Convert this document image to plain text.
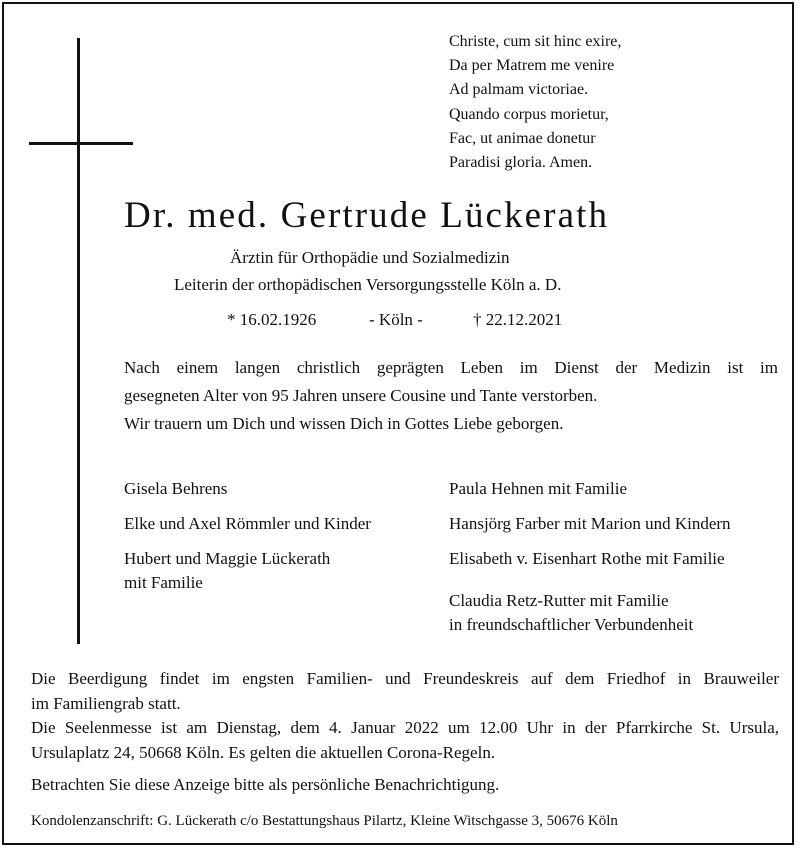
Christe, cum sit hinc exire,
Da per Matrem me venire
Ad palmam victoriae.
Quando corpus morietur,
Fac, ut animae donetur
Paradisi gloria. Amen.
Dr. med. Gertrude Lückerath
Ärztin für Orthopädie und Sozialmedizin
Leiterin der orthopädischen Versorgungsstelle Köln a. D.
* 16.02.1926	- Köln -	† 22.12.2021
Nach einem langen christlich geprägten Leben im Dienst der Medizin ist im
gesegneten Alter von 95 Jahren unsere Cousine und Tante verstorben.
Wir trauern um Dich und wissen Dich in Gottes Liebe geborgen.
Gisela Behrens
Elke und Axel Römmler und Kinder
Hubert und Maggie Lückerath
mit Familie
Paula Hehnen mit Familie
Hansjörg Farber mit Marion und Kindern
Elisabeth v. Eisenhart Rothe mit Familie
Claudia Retz-Rutter mit Familie
in freundschaftlicher Verbundenheit
Die Beerdigung findet im engsten Familien- und Freundeskreis auf dem Friedhof in Brauweiler
im Familiengrab statt.
Die Seelenmesse ist am Dienstag, dem 4. Januar 2022 um 12.00 Uhr in der Pfarrkirche St. Ursula,
Ursulaplatz 24, 50668 Köln. Es gelten die aktuellen Corona-Regeln.
Betrachten Sie diese Anzeige bitte als persönliche Benachrichtigung.
Kondolenzanschrift: G. Lückerath c/o Bestattungshaus Pilartz, Kleine Witschgasse 3, 50676 Köln
